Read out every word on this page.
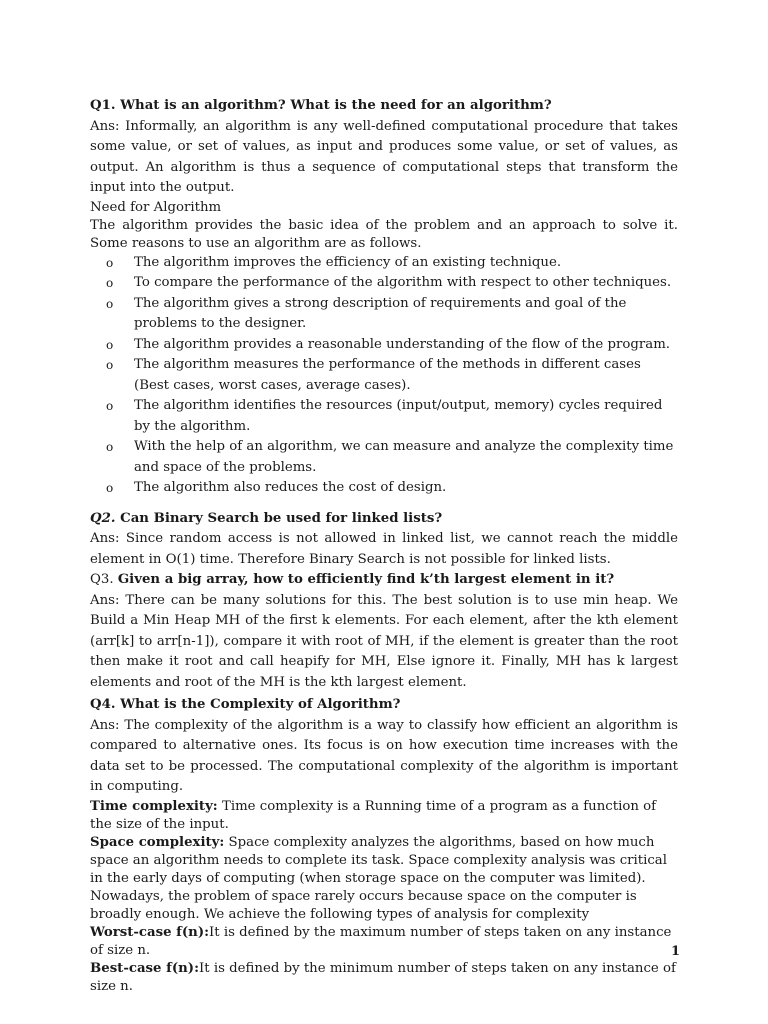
Q1. What is an algorithm? What is the need for an algorithm?

Ans: Informally, an algorithm is any well-defined computational procedure that takes some value, or set of values, as input and produces some value, or set of values, as output. An algorithm is thus a sequence of computational steps that transform the input into the output.

Need for Algorithm

The algorithm provides the basic idea of the problem and an approach to solve it. Some reasons to use an algorithm are as follows.

o The algorithm improves the efficiency of an existing technique.
o To compare the performance of the algorithm with respect to other techniques.
o The algorithm gives a strong description of requirements and goal of the problems to the designer.
o The algorithm provides a reasonable understanding of the flow of the program.
o The algorithm measures the performance of the methods in different cases (Best cases, worst cases, average cases).
o The algorithm identifies the resources (input/output, memory) cycles required by the algorithm.
o With the help of an algorithm, we can measure and analyze the complexity time and space of the problems.
o The algorithm also reduces the cost of design.

Q2. Can Binary Search be used for linked lists?

Ans: Since random access is not allowed in linked list, we cannot reach the middle element in O(1) time. Therefore Binary Search is not possible for linked lists.

Q3. Given a big array, how to efficiently find k’th largest element in it?

Ans: There can be many solutions for this. The best solution is to use min heap. We Build a Min Heap MH of the first k elements. For each element, after the kth element (arr[k] to arr[n-1]), compare it with root of MH, if the element is greater than the root then make it root and call heapify for MH, Else ignore it. Finally, MH has k largest elements and root of the MH is the kth largest element.

Q4. What is the Complexity of Algorithm?

Ans: The complexity of the algorithm is a way to classify how efficient an algorithm is compared to alternative ones. Its focus is on how execution time increases with the data set to be processed. The computational complexity of the algorithm is important in computing.

Time complexity: Time complexity is a Running time of a program as a function of the size of the input.

Space complexity: Space complexity analyzes the algorithms, based on how much space an algorithm needs to complete its task. Space complexity analysis was critical in the early days of computing (when storage space on the computer was limited).

Nowadays, the problem of space rarely occurs because space on the computer is broadly enough. We achieve the following types of analysis for complexity

Worst-case f(n):It is defined by the maximum number of steps taken on any instance of size n.

Best-case f(n):It is defined by the minimum number of steps taken on any instance of size n.

1
